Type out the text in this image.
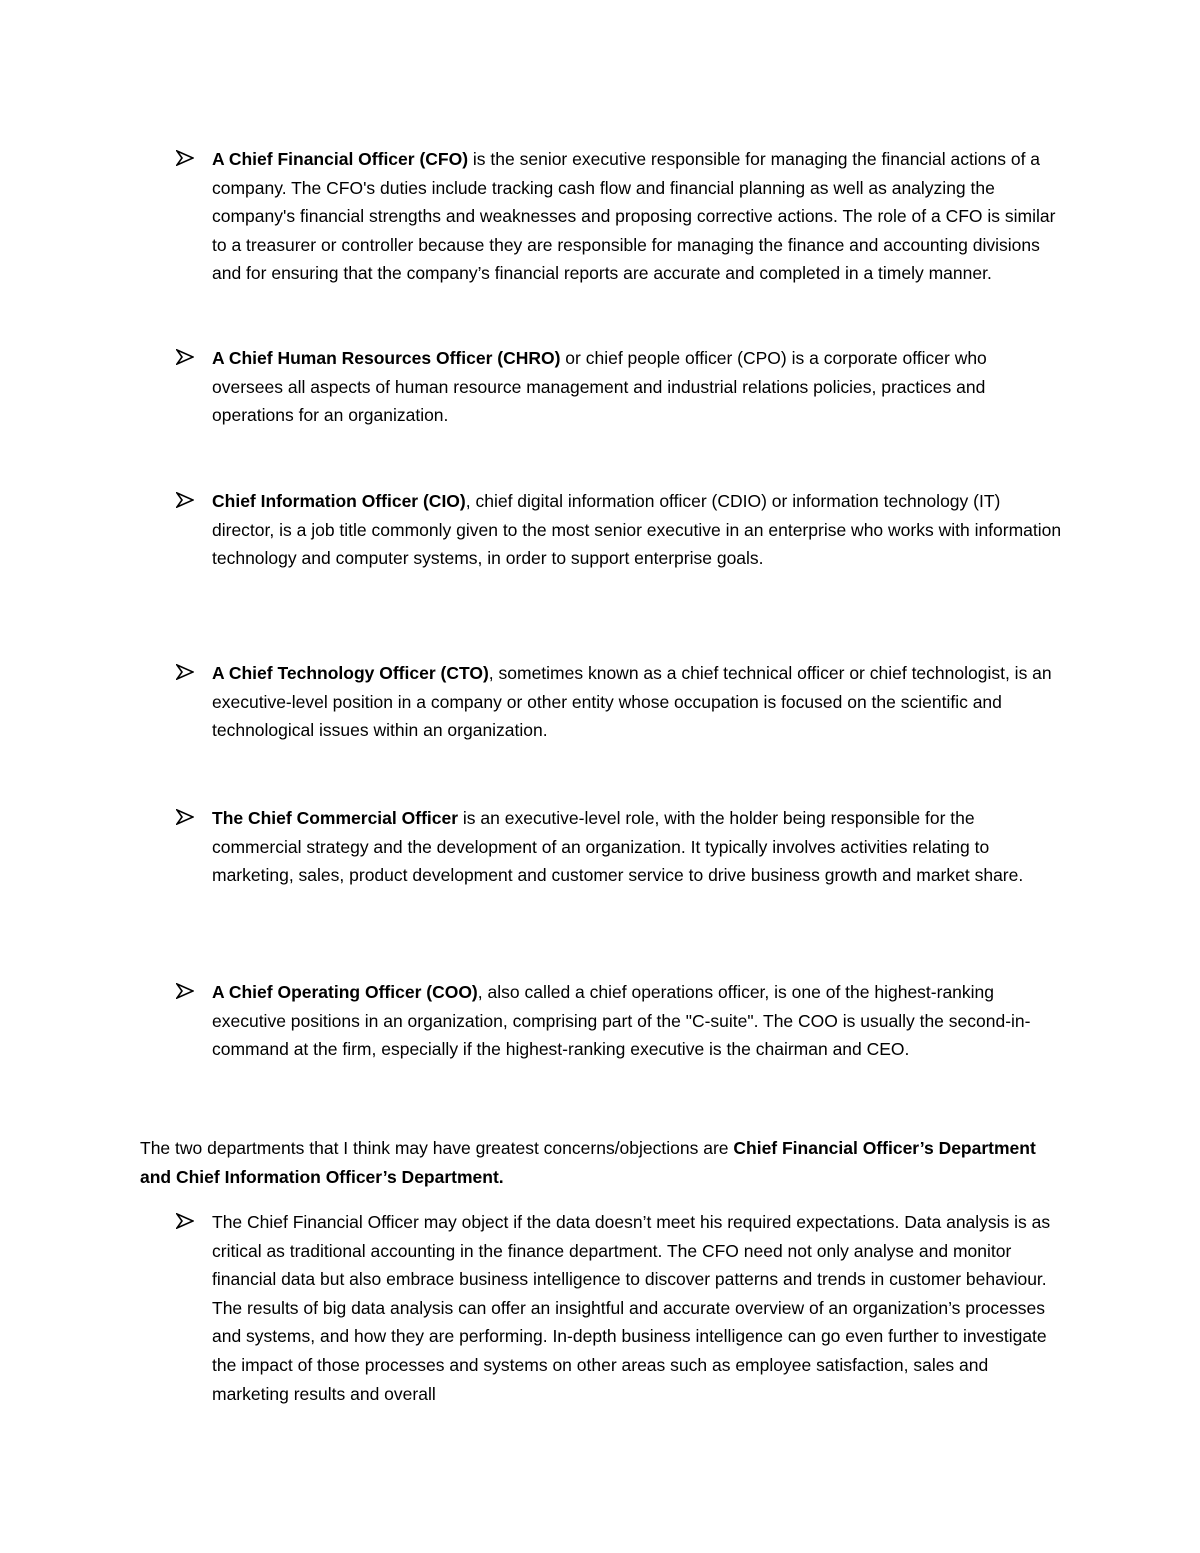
A Chief Financial Officer (CFO) is the senior executive responsible for managing the financial actions of a company. The CFO's duties include tracking cash flow and financial planning as well as analyzing the company's financial strengths and weaknesses and proposing corrective actions. The role of a CFO is similar to a treasurer or controller because they are responsible for managing the finance and accounting divisions and for ensuring that the company’s financial reports are accurate and completed in a timely manner.

A Chief Human Resources Officer (CHRO) or chief people officer (CPO) is a corporate officer who oversees all aspects of human resource management and industrial relations policies, practices and operations for an organization.

Chief Information Officer (CIO), chief digital information officer (CDIO) or information technology (IT) director, is a job title commonly given to the most senior executive in an enterprise who works with information technology and computer systems, in order to support enterprise goals.

A Chief Technology Officer (CTO), sometimes known as a chief technical officer or chief technologist, is an executive-level position in a company or other entity whose occupation is focused on the scientific and technological issues within an organization.

The Chief Commercial Officer is an executive-level role, with the holder being responsible for the commercial strategy and the development of an organization. It typically involves activities relating to marketing, sales, product development and customer service to drive business growth and market share.

A Chief Operating Officer (COO), also called a chief operations officer, is one of the highest-ranking executive positions in an organization, comprising part of the "C-suite". The COO is usually the second-in-command at the firm, especially if the highest-ranking executive is the chairman and CEO.

The two departments that I think may have greatest concerns/objections are Chief Financial Officer’s Department and Chief Information Officer’s Department.

The Chief Financial Officer may object if the data doesn’t meet his required expectations. Data analysis is as critical as traditional accounting in the finance department. The CFO need not only analyse and monitor financial data but also embrace business intelligence to discover patterns and trends in customer behaviour. The results of big data analysis can offer an insightful and accurate overview of an organization’s processes and systems, and how they are performing. In-depth business intelligence can go even further to investigate the impact of those processes and systems on other areas such as employee satisfaction, sales and marketing results and overall
